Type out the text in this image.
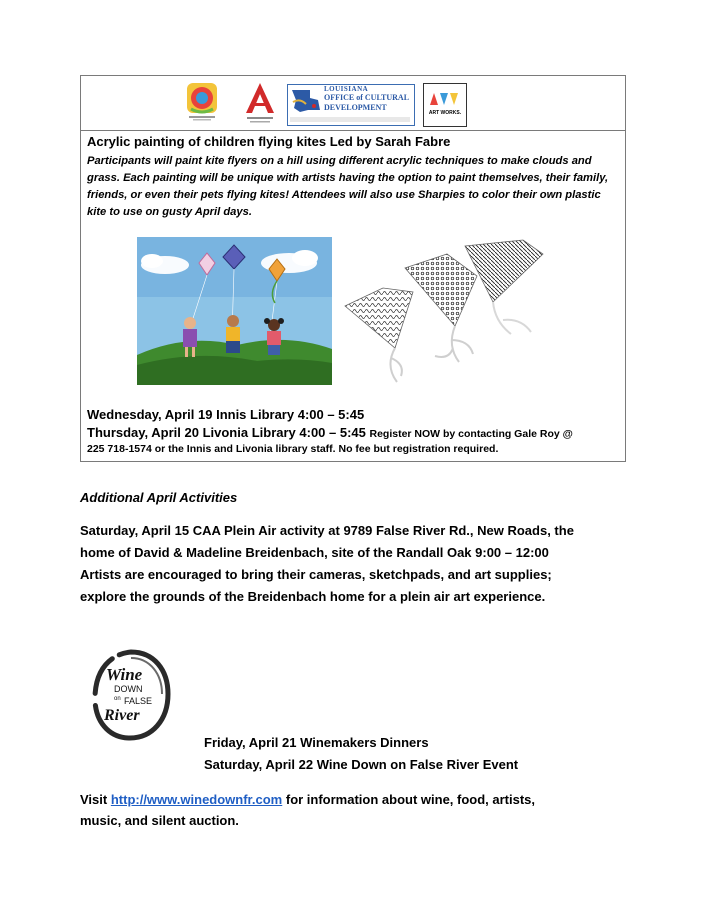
LOUISIANA
OFFICE of CULTURAL
DEVELOPMENT
ART WORKS.
Acrylic painting of children flying kites Led by Sarah Fabre
Participants will paint kite flyers on a hill using different acrylic techniques to make clouds and grass. Each painting will be unique with artists having the option to paint themselves, their family, friends, or even their pets flying kites! Attendees will also use Sharpies to color their own plastic kite to use on gusty April days.
Wednesday, April 19 Innis Library 4:00 – 5:45
Thursday, April 20 Livonia Library 4:00 – 5:45 Register NOW by contacting Gale Roy @
225 718-1574 or the Innis and Livonia library staff. No fee but registration required.
Additional April Activities
Saturday, April 15 CAA Plein Air activity at 9789 False River Rd., New Roads, the
home of David & Madeline Breidenbach, site of the Randall Oak 9:00 – 12:00
Artists are encouraged to bring their cameras, sketchpads, and art supplies;
explore the grounds of the Breidenbach home for a plein air art experience.
Wine
DOWN
on FALSE
River
Friday, April 21 Winemakers Dinners
Saturday, April 22 Wine Down on False River Event
Visit http://www.winedownfr.com for information about wine, food, artists,
music, and silent auction.
